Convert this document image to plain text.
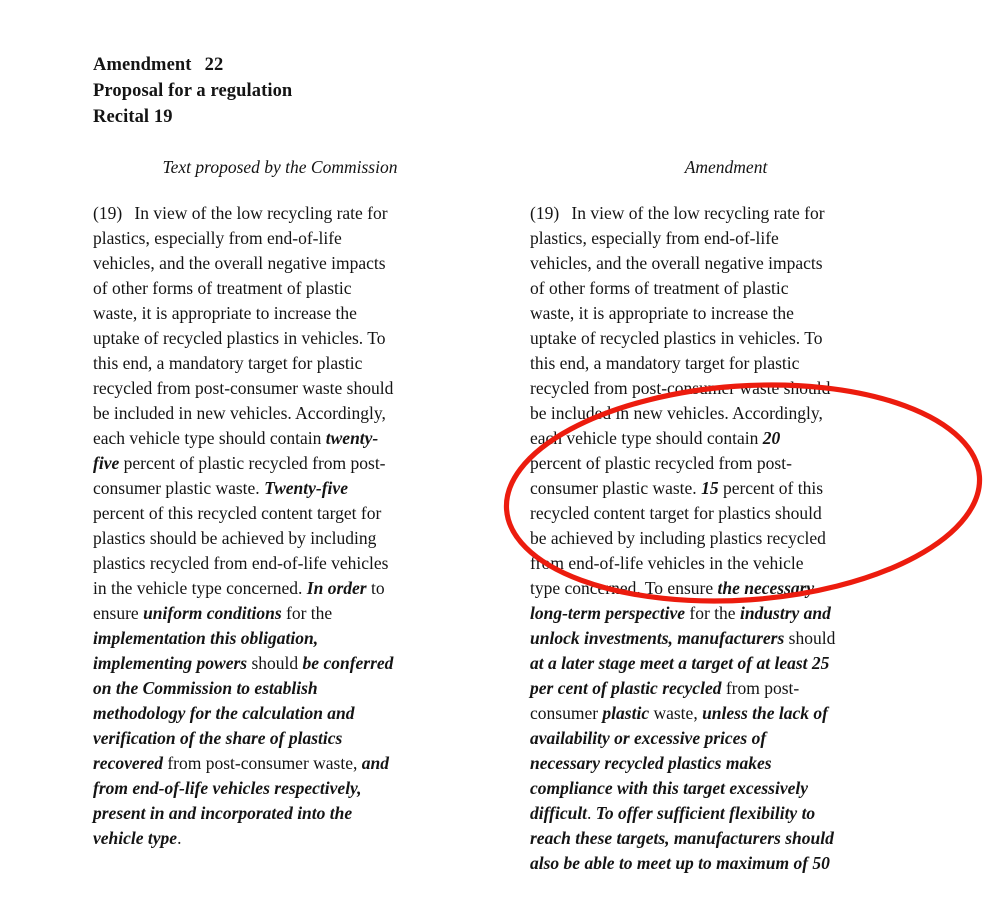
Amendment  22
Proposal for a regulation
Recital 19
Text proposed by the Commission
(19)  In view of the low recycling rate for
plastics, especially from end-of-life
vehicles, and the overall negative impacts
of other forms of treatment of plastic
waste, it is appropriate to increase the
uptake of recycled plastics in vehicles. To
this end, a mandatory target for plastic
recycled from post-consumer waste should
be included in new vehicles. Accordingly,
each vehicle type should contain twenty-
five percent of plastic recycled from post-
consumer plastic waste. Twenty-five
percent of this recycled content target for
plastics should be achieved by including
plastics recycled from end-of-life vehicles
in the vehicle type concerned. In order to
ensure uniform conditions for the
implementation this obligation,
implementing powers should be conferred
on the Commission to establish
methodology for the calculation and
verification of the share of plastics
recovered from post-consumer waste, and
from end-of-life vehicles respectively,
present in and incorporated into the
vehicle type.
Amendment
(19)  In view of the low recycling rate for
plastics, especially from end-of-life
vehicles, and the overall negative impacts
of other forms of treatment of plastic
waste, it is appropriate to increase the
uptake of recycled plastics in vehicles. To
this end, a mandatory target for plastic
recycled from post-consumer waste should
be included in new vehicles. Accordingly,
each vehicle type should contain 20
percent of plastic recycled from post-
consumer plastic waste. 15 percent of this
recycled content target for plastics should
be achieved by including plastics recycled
from end-of-life vehicles in the vehicle
type concerned. To ensure the necessary
long-term perspective for the industry and
unlock investments, manufacturers should
at a later stage meet a target of at least 25
per cent of plastic recycled from post-
consumer plastic waste, unless the lack of
availability or excessive prices of
necessary recycled plastics makes
compliance with this target excessively
difficult. To offer sufficient flexibility to
reach these targets, manufacturers should
also be able to meet up to maximum of 50
